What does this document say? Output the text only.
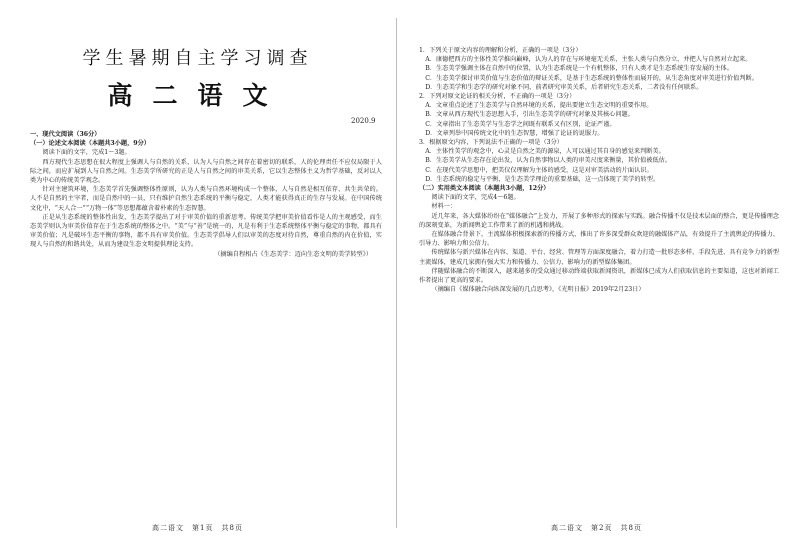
学生暑期自主学习调查
高二语文
2020.9

一、现代文阅读（36分）

（一）论述文本阅读（本题共3小题，9分）

阅读下面的文字，完成1～3题。

西方现代生态思想在很大程度上强调人与自然的关系，认为人与自然之间存在着密切的联系，人的伦理责任不应仅局限于人际之间，而应扩展到人与自然之间。生态美学所研究的正是人与自然之间的审美关系，它以生态整体主义为哲学基础，反对以人类为中心的传统美学观念。

针对主建筑环境，生态美学首先强调整体性原则，认为人类与自然环境构成一个整体，人与自然是相互依存、共生共荣的。人不是自然的主宰者，而是自然中的一员，只有维护自然生态系统的平衡与稳定，人类才能获得真正的生存与发展。在中国传统文化中，“天人合一”“万物一体”等思想都蕴含着朴素的生态智慧。

正是从生态系统的整体性出发，生态美学提出了对于审美价值的重新思考。传统美学把审美价值看作是人的主观感受，而生态美学则认为审美价值存在于生态系统的整体之中。“美”与“善”是统一的，凡是有利于生态系统整体平衡与稳定的事物，都具有审美价值；凡是破坏生态平衡的事物，都不具有审美价值。生态美学倡导人们以审美的态度对待自然，尊重自然的内在价值，实现人与自然的和谐共处，从而为建设生态文明提供理论支持。

（摘编自程相占《生态美学：迈向生态文明的美学转型》）

高二语文　第1页　共8页

1．下列关于原文内容的理解和分析，正确的一项是（3分）

A．康德把西方的主体性美学推向巅峰，认为人的存在与环境毫无关系，主张人类与自然分立，并把人与自然对立起来。

B．生态美学强调主体在自然中的位置，认为生态系统是一个有机整体，只有人类才是生态系统生存发展的主体。

C．生态美学探讨审美价值与生态价值的辩证关系，是基于生态系统的整体性而展开的，从生态角度对审美进行价值判断。

D．生态美学和生态学的研究对象不同，前者研究审美关系，后者研究生态关系，二者没有任何联系。

2．下列对原文论证的相关分析，不正确的一项是（3分）

A．文章重点论述了生态美学与自然环境的关系，提出要建立生态文明的重要作用。

B．文章从西方现代生态思想入手，引出生态美学的研究对象及其核心问题。

C．文章指出了生态美学与生态学之间既有联系又有区别，论证严谨。

D．文章列举中国传统文化中的生态智慧，增强了论证的说服力。

3．根据原文内容，下列说法不正确的一项是（3分）

A．主体性美学的观念中，心灵是自然之美的源泉，人可以通过其自身的感觉来判断美。

B．生态美学从生态存在论出发，认为自然事物以人类的审美尺度来衡量，其价值被低估。

C．在现代美学思想中，把美仅仅理解为主体的感受，这是对审美活动的片面认识。

D．生态系统的稳定与平衡，是生态美学理论的重要基础，这一点体现了美学的转型。

（二）实用类文本阅读（本题共3小题，12分）

阅读下面的文字，完成4～6题。

材料一：

近几年来，各大媒体纷纷在“媒体融合”上发力，开展了多种形式的探索与实践。融合传播不仅是技术层面的整合，更是传播理念的深刻变革，为新闻舆论工作带来了新的机遇和挑战。

在媒体融合背景下，主流媒体积极探索新的传播方式，推出了许多深受群众欢迎的融媒体产品，有效提升了主流舆论的传播力、引导力、影响力和公信力。

传统媒体与新兴媒体在内容、渠道、平台、经营、管理等方面深度融合，着力打造一批形态多样、手段先进、具有竞争力的新型主流媒体，建成几家拥有强大实力和传播力、公信力、影响力的新型媒体集团。

伴随媒体融合的不断深入，越来越多的受众通过移动终端获取新闻资讯，新媒体已成为人们获取信息的主要渠道，这也对新闻工作者提出了更高的要求。

（摘编自《媒体融合向纵深发展的几点思考》，《光明日报》2019年2月23日）

高二语文　第2页　共8页
